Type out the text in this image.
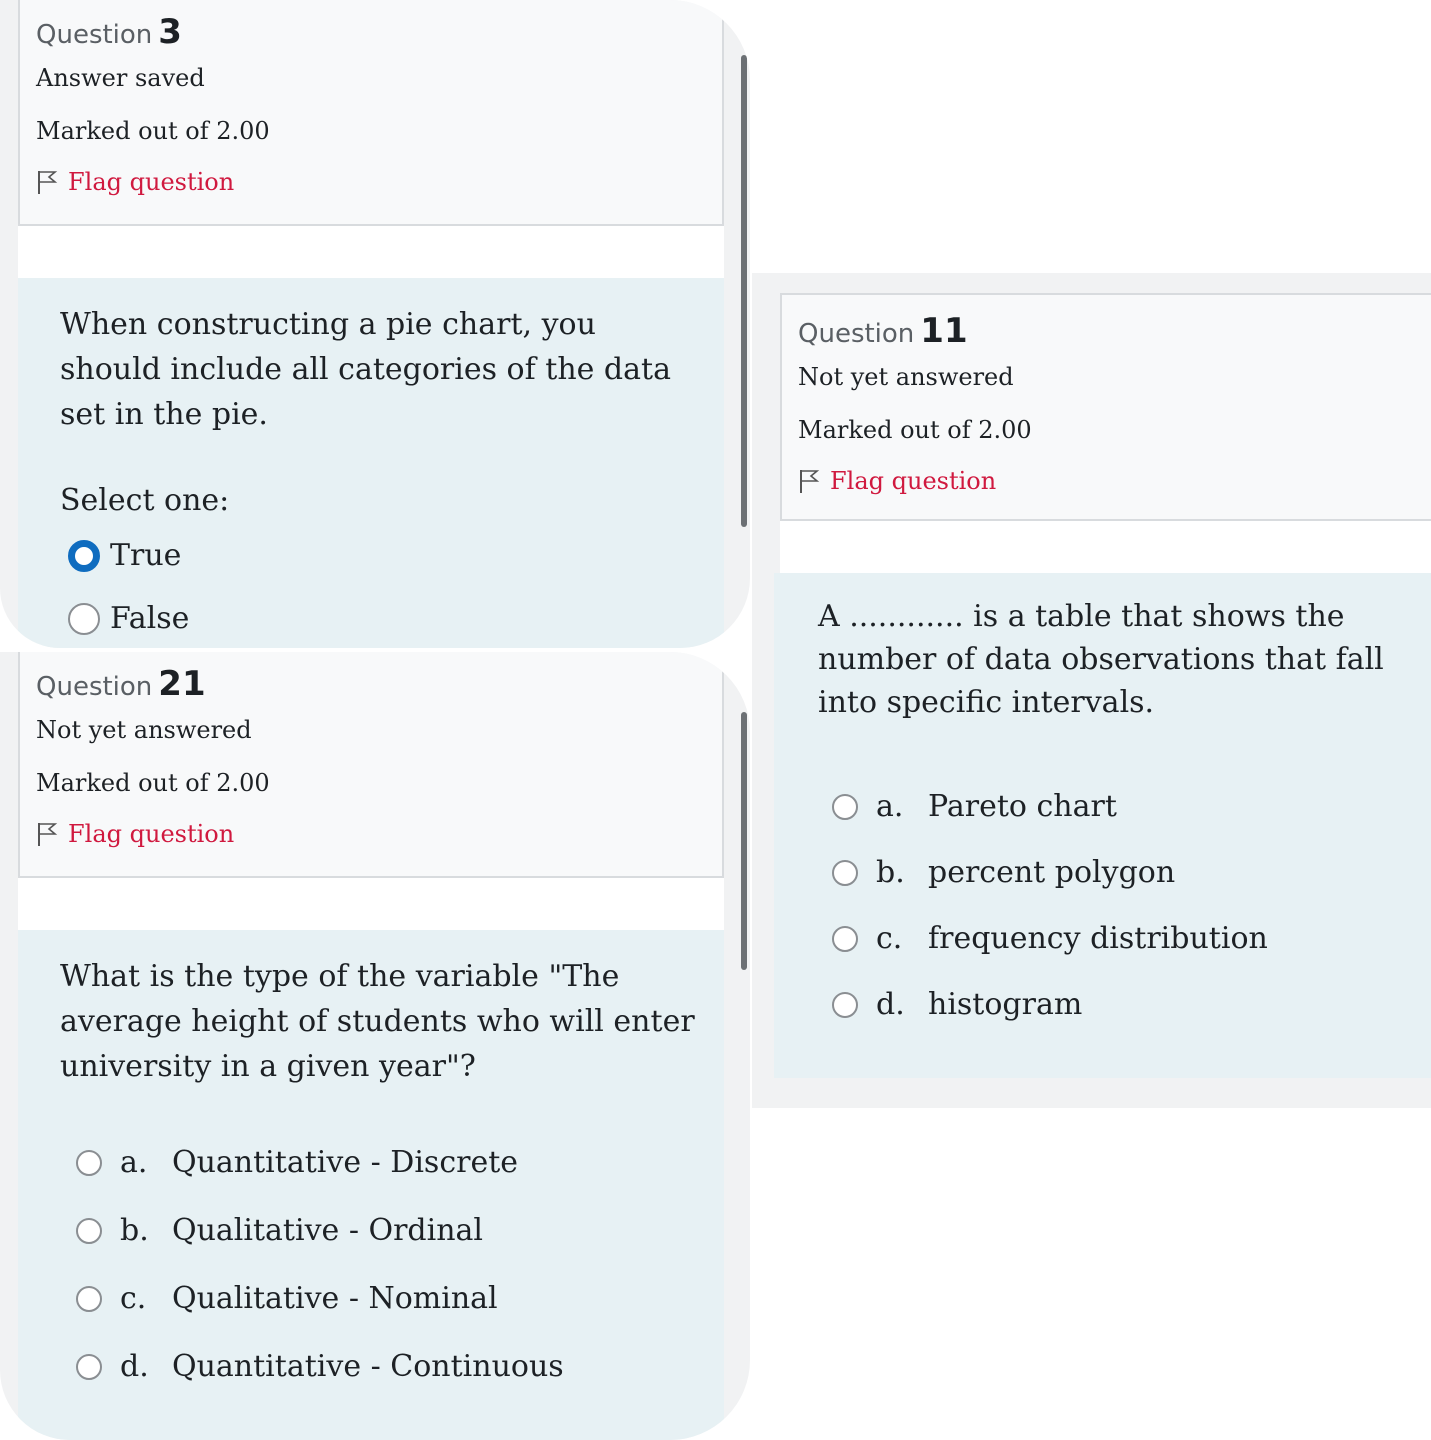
Question 3
Answer saved
Marked out of 2.00
Flag question
When constructing a pie chart, you should include all categories of the data set in the pie.
Select one:
True
False
Question 21
Not yet answered
Marked out of 2.00
Flag question
What is the type of the variable "The average height of students who will enter university in a given year"?
a. Quantitative - Discrete
b. Qualitative - Ordinal
c. Qualitative - Nominal
d. Quantitative - Continuous
Question 11
Not yet answered
Marked out of 2.00
Flag question
A ............ is a table that shows the number of data observations that fall into specific intervals.
a. Pareto chart
b. percent polygon
c. frequency distribution
d. histogram
